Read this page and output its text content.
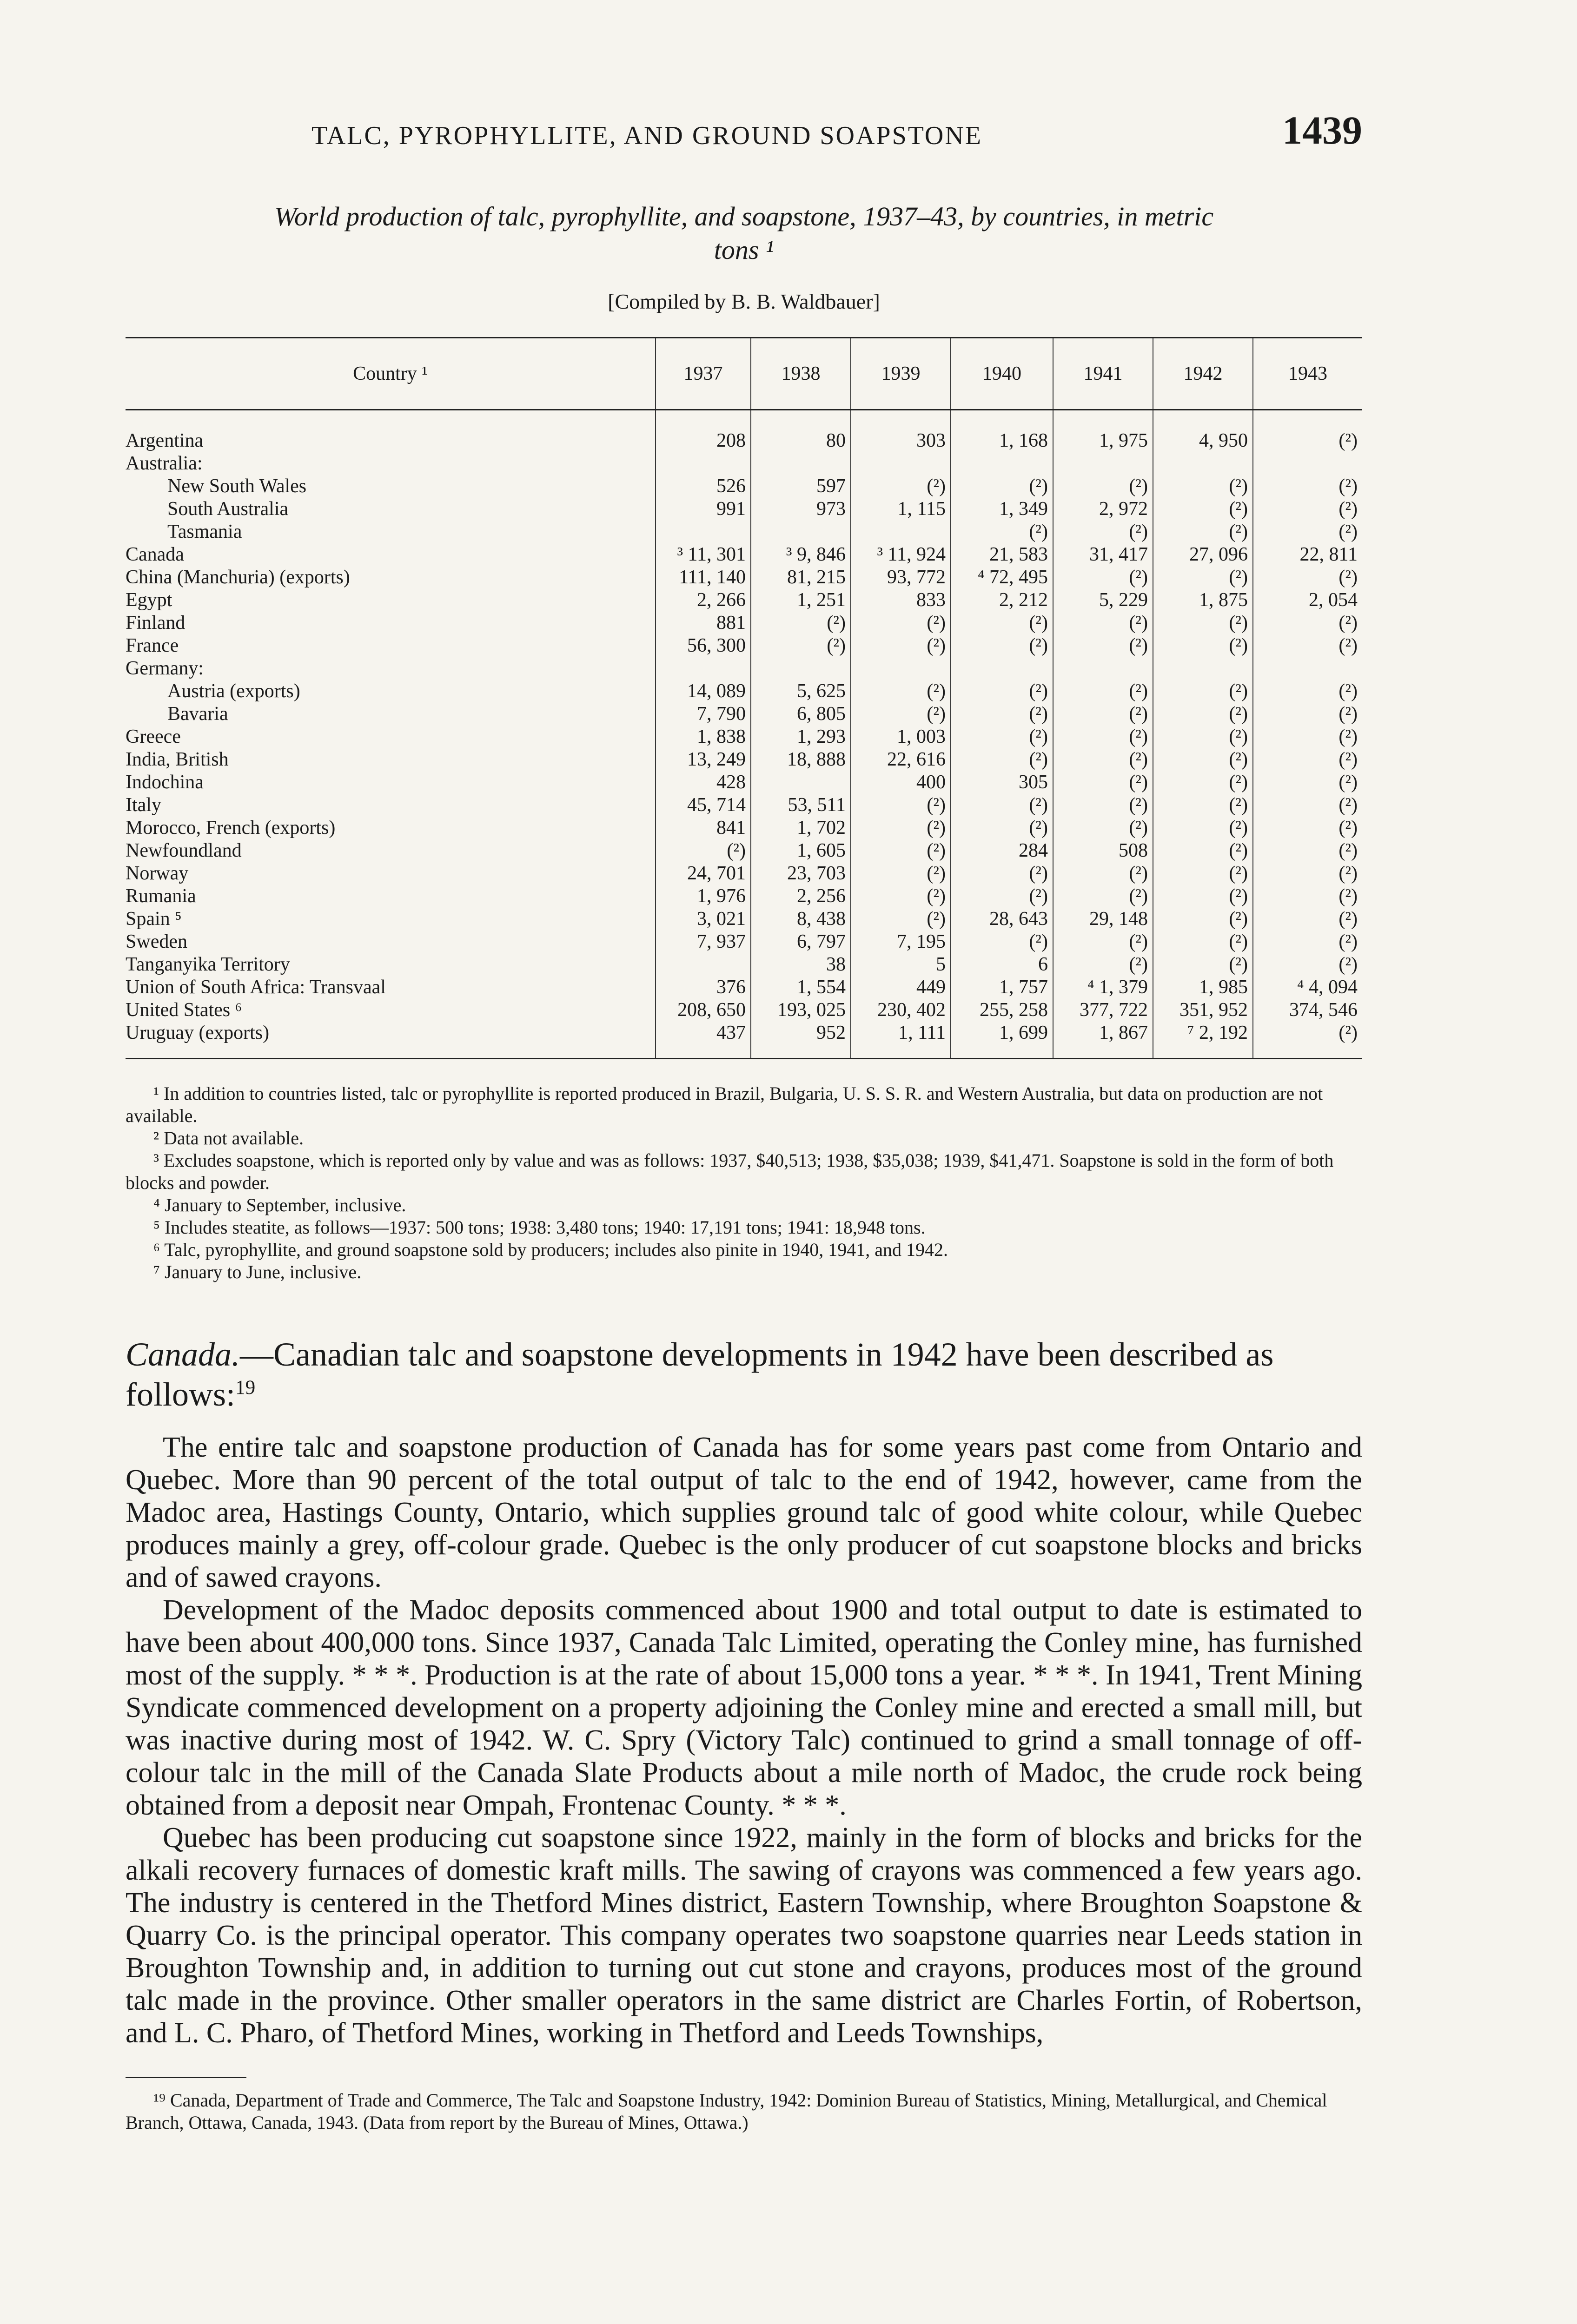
TALC, PYROPHYLLITE, AND GROUND SOAPSTONE	1439
World production of talc, pyrophyllite, and soapstone, 1937–43, by countries, in metric
tons ¹
[Compiled by B. B. Waldbauer]
Country ¹	1937	1938	1939	1940	1941	1942	1943
Argentina	208	80	303	1, 168	1, 975	4, 950	(²)
Australia:							
New South Wales	526	597	(²)	(²)	(²)	(²)	(²)
South Australia	991	973	1, 115	1, 349	2, 972	(²)	(²)
Tasmania				(²)	(²)	(²)	(²)
Canada	³ 11, 301	³ 9, 846	³ 11, 924	21, 583	31, 417	27, 096	22, 811
China (Manchuria) (exports)	111, 140	81, 215	93, 772	⁴ 72, 495	(²)	(²)	(²)
Egypt	2, 266	1, 251	833	2, 212	5, 229	1, 875	2, 054
Finland	881	(²)	(²)	(²)	(²)	(²)	(²)
France	56, 300	(²)	(²)	(²)	(²)	(²)	(²)
Germany:							
Austria (exports)	14, 089	5, 625	(²)	(²)	(²)	(²)	(²)
Bavaria	7, 790	6, 805	(²)	(²)	(²)	(²)	(²)
Greece	1, 838	1, 293	1, 003	(²)	(²)	(²)	(²)
India, British	13, 249	18, 888	22, 616	(²)	(²)	(²)	(²)
Indochina	428		400	305	(²)	(²)	(²)
Italy	45, 714	53, 511	(²)	(²)	(²)	(²)	(²)
Morocco, French (exports)	841	1, 702	(²)	(²)	(²)	(²)	(²)
Newfoundland	(²)	1, 605	(²)	284	508	(²)	(²)
Norway	24, 701	23, 703	(²)	(²)	(²)	(²)	(²)
Rumania	1, 976	2, 256	(²)	(²)	(²)	(²)	(²)
Spain ⁵	3, 021	8, 438	(²)	28, 643	29, 148	(²)	(²)
Sweden	7, 937	6, 797	7, 195	(²)	(²)	(²)	(²)
Tanganyika Territory		38	5	6	(²)	(²)	(²)
Union of South Africa: Transvaal	376	1, 554	449	1, 757	⁴ 1, 379	1, 985	⁴ 4, 094
United States ⁶	208, 650	193, 025	230, 402	255, 258	377, 722	351, 952	374, 546
Uruguay (exports)	437	952	1, 111	1, 699	1, 867	⁷ 2, 192	(²)

¹ In addition to countries listed, talc or pyrophyllite is reported produced in Brazil, Bulgaria, U. S. S. R. and Western Australia, but data on production are not available.

² Data not available.

³ Excludes soapstone, which is reported only by value and was as follows: 1937, $40,513; 1938, $35,038; 1939, $41,471. Soapstone is sold in the form of both blocks and powder.

⁴ January to September, inclusive.

⁵ Includes steatite, as follows—1937: 500 tons; 1938: 3,480 tons; 1940: 17,191 tons; 1941: 18,948 tons.

⁶ Talc, pyrophyllite, and ground soapstone sold by producers; includes also pinite in 1940, 1941, and 1942.

⁷ January to June, inclusive.

Canada.—Canadian talc and soapstone developments in 1942 have been described as follows:$^{19}$

The entire talc and soapstone production of Canada has for some years past come from Ontario and Quebec. More than 90 percent of the total output of talc to the end of 1942, however, came from the Madoc area, Hastings County, Ontario, which supplies ground talc of good white colour, while Quebec produces mainly a grey, off-colour grade. Quebec is the only producer of cut soapstone blocks and bricks and of sawed crayons.

Development of the Madoc deposits commenced about 1900 and total output to date is estimated to have been about 400,000 tons. Since 1937, Canada Talc Limited, operating the Conley mine, has furnished most of the supply. * * *. Production is at the rate of about 15,000 tons a year. * * *. In 1941, Trent Mining Syndicate commenced development on a property adjoining the Conley mine and erected a small mill, but was inactive during most of 1942. W. C. Spry (Victory Talc) continued to grind a small tonnage of off-colour talc in the mill of the Canada Slate Products about a mile north of Madoc, the crude rock being obtained from a deposit near Ompah, Frontenac County. * * *.

Quebec has been producing cut soapstone since 1922, mainly in the form of blocks and bricks for the alkali recovery furnaces of domestic kraft mills. The sawing of crayons was commenced a few years ago. The industry is centered in the Thetford Mines district, Eastern Township, where Broughton Soapstone & Quarry Co. is the principal operator. This company operates two soapstone quarries near Leeds station in Broughton Township and, in addition to turning out cut stone and crayons, produces most of the ground talc made in the province. Other smaller operators in the same district are Charles Fortin, of Robertson, and L. C. Pharo, of Thetford Mines, working in Thetford and Leeds Townships,

¹⁹ Canada, Department of Trade and Commerce, The Talc and Soapstone Industry, 1942: Dominion Bureau of Statistics, Mining, Metallurgical, and Chemical Branch, Ottawa, Canada, 1943. (Data from report by the Bureau of Mines, Ottawa.)
